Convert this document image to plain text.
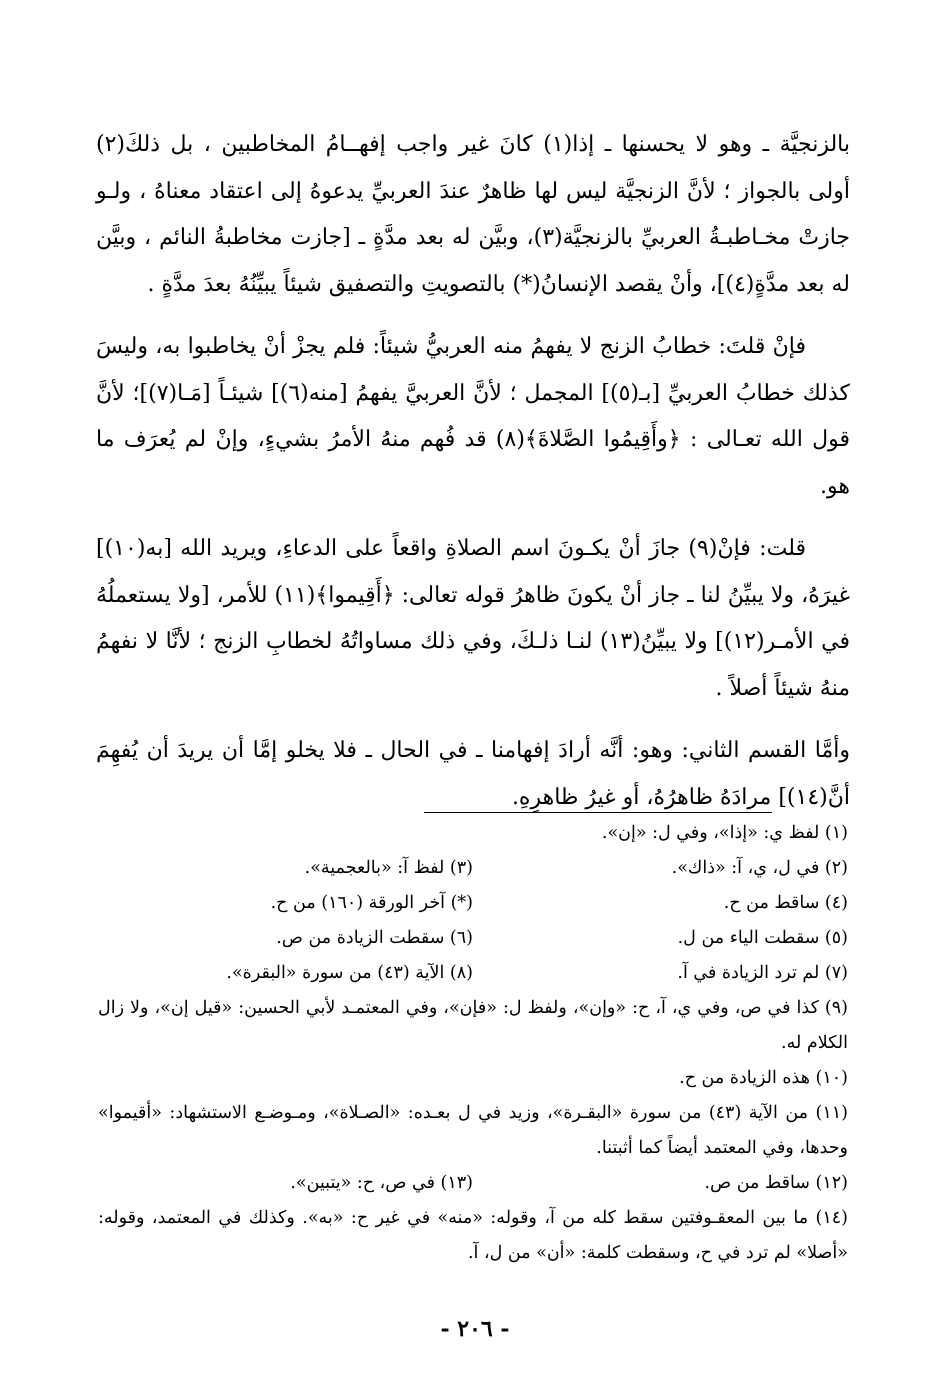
بالزنجيَّة ـ وهو لا يحسنها ـ إذا(١) كانَ غير واجب إفهــامُ المخاطبين ، بل ذلكَ(٢) أولى بالجواز ؛ لأنَّ الزنجيَّة ليس لها ظاهرٌ عندَ العربيِّ يدعوهُ إلى اعتقاد معناهُ ، ولـو جازتْ مخـاطبـةُ العربيِّ بالزنجيَّة(٣)، وبيَّن له بعد مدَّةٍ ـ [جازت مخاطبةُ النائم ، وبيَّن له بعد مدَّةٍ(٤)]، وأنْ يقصد الإنسانُ(*) بالتصويتِ والتصفيق شيئاً يبيِّنُهُ بعدَ مدَّةٍ .

فإنْ قلتَ: خطابُ الزنج لا يفهمُ منه العربيُّ شيئاً: فلم يجزْ أنْ يخاطبوا به، وليسَ كذلك خطابُ العربيِّ [بـ(٥)] المجمل ؛ لأنَّ العربيَّ يفهمُ [منه(٦)] شيئـاً [مَـا(٧)]؛ لأنَّ قول الله تعـالى : ﴿وأَقِيمُوا الصَّلاةَ﴾(٨) قد فُهم منهُ الأمرُ بشيءٍ، وإنْ لم يُعرَف ما هو.

قلت: فإنْ(٩) جازَ أنْ يكـونَ اسم الصلاةِ واقعاً على الدعاءِ، ويريد الله [به(١٠)] غيرَهُ، ولا يبيِّنُ لنا ـ جاز أنْ يكونَ ظاهرُ قوله تعالى: ﴿أَقِيموا﴾(١١) للأمر، [ولا يستعملُهُ في الأمـر(١٢)] ولا يبيِّنُ(١٣) لنـا ذلـكَ، وفي ذلك مساواتُهُ لخطابِ الزنج ؛ لأنَّا لا نفهمُ منهُ شيئاً أصلاً .

وأمَّا القسم الثاني: وهو: أنَّه أرادَ إفهامنا ـ في الحال ـ فلا يخلو إمَّا أن يريدَ أن يُفهِمَ أنَّ(١٤)] مرادَهُ ظاهرُهُ، أو غيرُ ظاهرِهِ.

(١) لفظ ي: «إذا»، وفي ل: «إن».
(٢) في ل، ي، آ: «ذاك».
(٣) لفظ آ: «بالعجمية».
(٤) ساقط من ح.
(*) آخر الورقة (١٦٠) من ح.
(٥) سقطت الياء من ل.
(٦) سقطت الزيادة من ص.
(٧) لم ترد الزيادة في آ.
(٨) الآية (٤٣) من سورة «البقرة».
(٩) كذا في ص، وفي ي، آ، ح: «وإن»، ولفظ ل: «فإن»، وفي المعتمـد لأبي الحسين: «قيل إن»، ولا زال الكلام له.
(١٠) هذه الزيادة من ح.
(١١) من الآية (٤٣) من سورة «البقـرة»، وزيد في ل بعـده: «الصـلاة»، ومـوضـع الاستشهاد: «أقيموا» وحدها، وفي المعتمد أيضاً كما أثبتنا.
(١٢) ساقط من ص.
(١٣) في ص، ح: «يتبين».
(١٤) ما بين المعقـوفتين سقط كله من آ، وقوله: «منه» في غير ح: «به». وكذلك في المعتمد، وقوله: «أصلا» لم ترد في ح، وسقطت كلمة: «أن» من ل، آ.
- ٢٠٦ -
